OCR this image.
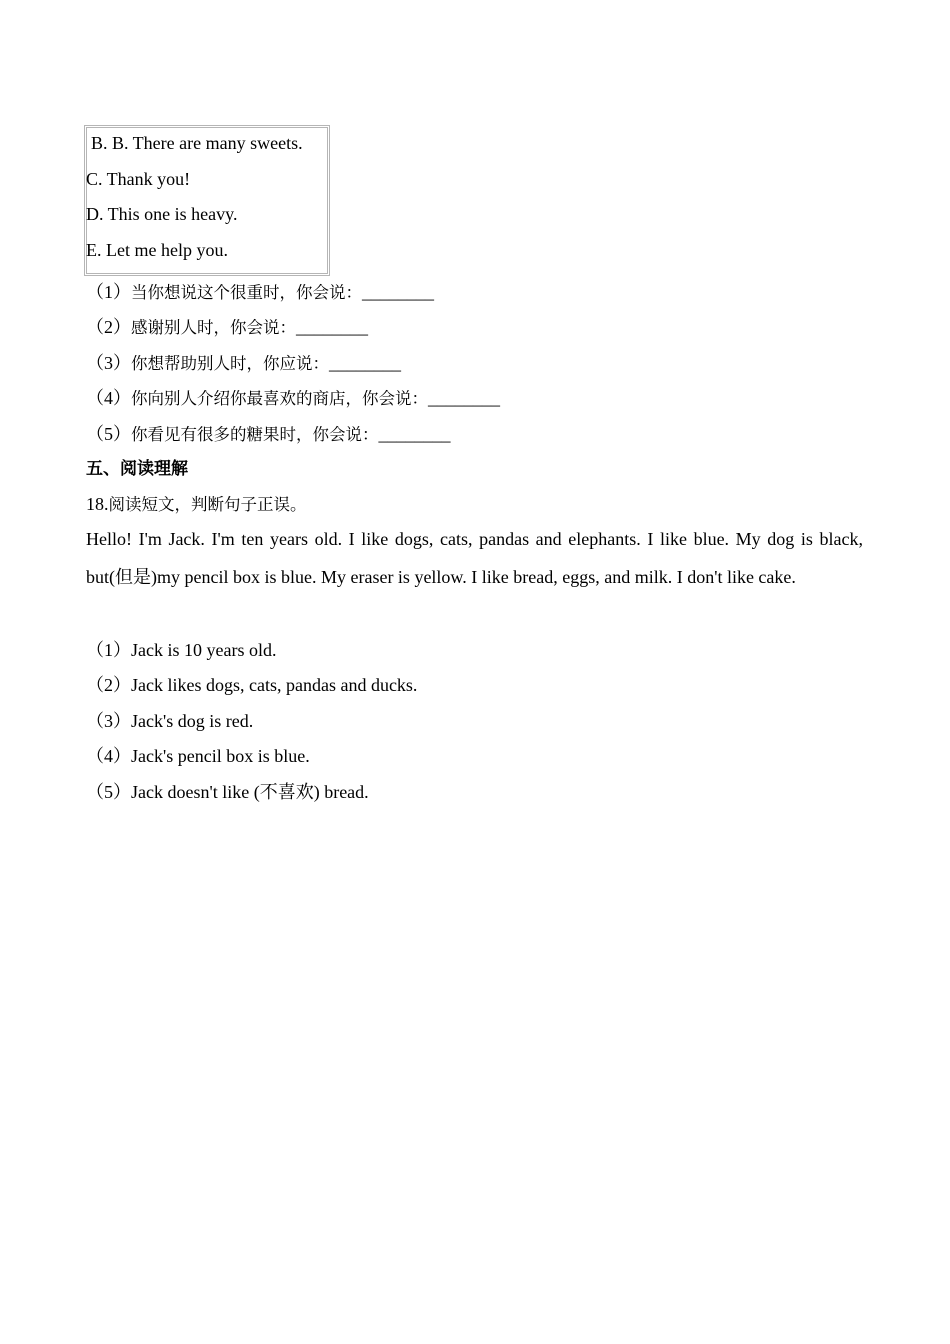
B. B. There are many sweets.
C. Thank you!
D. This one is heavy.
E. Let me help you.
（1）当你想说这个很重时，你会说：________
（2）感谢别人时，你会说：________
（3）你想帮助别人时，你应说：________
（4）你向别人介绍你最喜欢的商店，你会说：________
（5）你看见有很多的糖果时，你会说：________
五、阅读理解
18.阅读短文，判断句子正误。
Hello! I'm Jack. I'm ten years old. I like dogs, cats, pandas and elephants. I like blue. My dog is black, but(但是)my pencil box is blue. My eraser is yellow. I like bread, eggs, and milk. I don't like cake.
（1）Jack is 10 years old.
（2）Jack likes dogs, cats, pandas and ducks.
（3）Jack's dog is red.
（4）Jack's pencil box is blue.
（5）Jack doesn't like (不喜欢) bread.
